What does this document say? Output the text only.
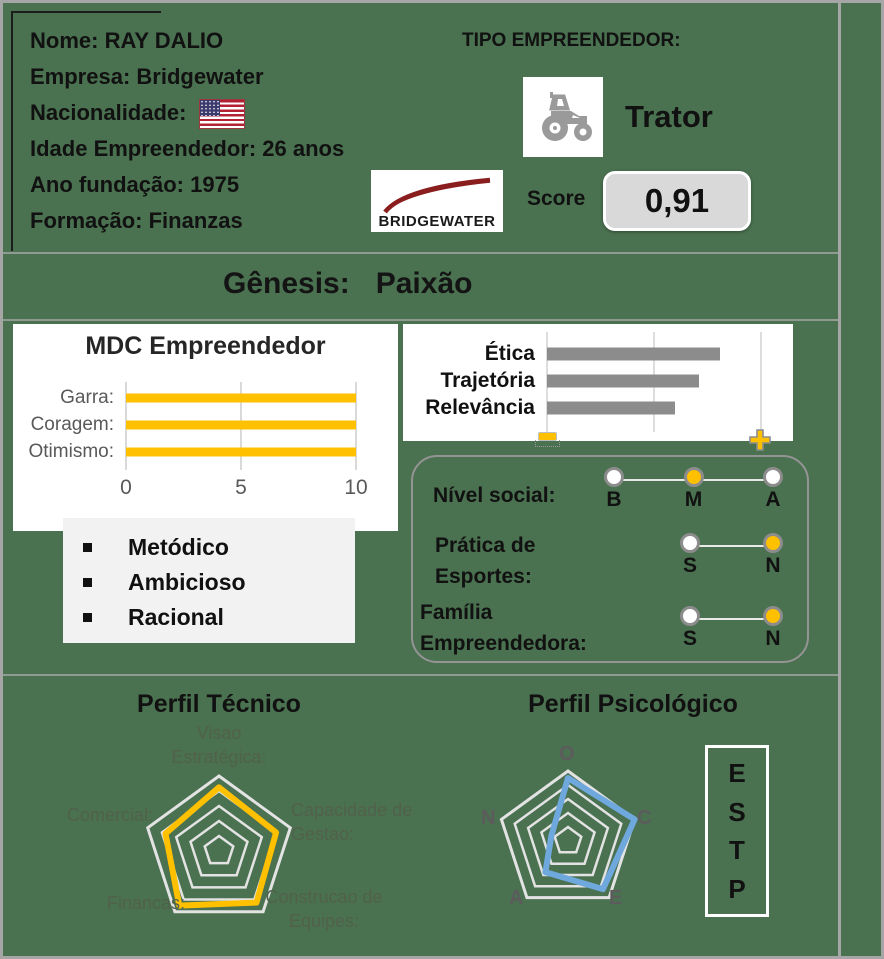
Nome: RAY DALIO
Empresa: Bridgewater
Nacionalidade:
Idade Empreendedor: 26 anos
Ano fundação: 1975
Formação: Finanzas
TIPO EMPREENDEDOR:
Trator
BRIDGEWATER
Score	0,91
Gênesis: Paixão
MDC Empreendedor
Garra:
Coragem:
Otimismo:
0	5	10
Ética
Trajetória
Relevância
Metódico
Ambicioso
Racional
Nível social:	B	M	A
Prática de Esportes:	S	N
Família Empreendedora:	S	N
Perfil Técnico
Visao Estratégica:
Capacidade de Gestao:
Construcao de Equipes:
Financas:
Comercial:
Perfil Psicológico
O
C
E
A
N
E
S
T
P
